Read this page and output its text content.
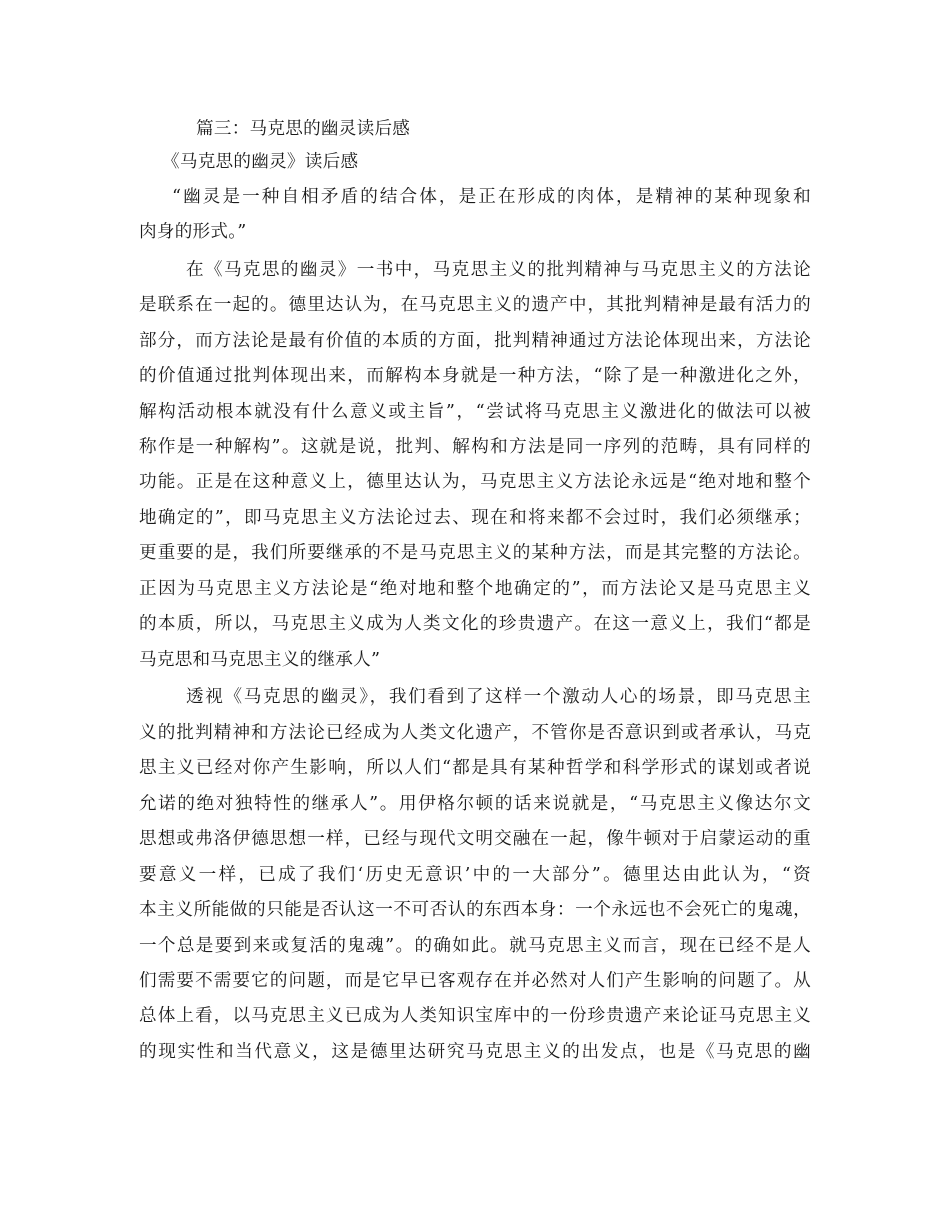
篇三：马克思的幽灵读后感
《马克思的幽灵》读后感
“幽灵是一种自相矛盾的结合体，是正在形成的肉体，是精神的某种现象和
肉身的形式。”
在《马克思的幽灵》一书中，马克思主义的批判精神与马克思主义的方法论
是联系在一起的。德里达认为，在马克思主义的遗产中，其批判精神是最有活力的
部分，而方法论是最有价值的本质的方面，批判精神通过方法论体现出来，方法论
的价值通过批判体现出来，而解构本身就是一种方法，“除了是一种激进化之外，
解构活动根本就没有什么意义或主旨”，“尝试将马克思主义激进化的做法可以被
称作是一种解构”。这就是说，批判、解构和方法是同一序列的范畴，具有同样的
功能。正是在这种意义上，德里达认为，马克思主义方法论永远是“绝对地和整个
地确定的”，即马克思主义方法论过去、现在和将来都不会过时，我们必须继承；
更重要的是，我们所要继承的不是马克思主义的某种方法，而是其完整的方法论。
正因为马克思主义方法论是“绝对地和整个地确定的”，而方法论又是马克思主义
的本质，所以，马克思主义成为人类文化的珍贵遗产。在这一意义上，我们“都是
马克思和马克思主义的继承人”
透视《马克思的幽灵》，我们看到了这样一个激动人心的场景，即马克思主
义的批判精神和方法论已经成为人类文化遗产，不管你是否意识到或者承认，马克
思主义已经对你产生影响，所以人们“都是具有某种哲学和科学形式的谋划或者说
允诺的绝对独特性的继承人”。用伊格尔顿的话来说就是，“马克思主义像达尔文
思想或弗洛伊德思想一样，已经与现代文明交融在一起，像牛顿对于启蒙运动的重
要意义一样，已成了我们‘历史无意识’中的一大部分”。德里达由此认为，“资
本主义所能做的只能是否认这一不可否认的东西本身：一个永远也不会死亡的鬼魂，
一个总是要到来或复活的鬼魂”。的确如此。就马克思主义而言，现在已经不是人
们需要不需要它的问题，而是它早已客观存在并必然对人们产生影响的问题了。从
总体上看，以马克思主义已成为人类知识宝库中的一份珍贵遗产来论证马克思主义
的现实性和当代意义，这是德里达研究马克思主义的出发点，也是《马克思的幽
